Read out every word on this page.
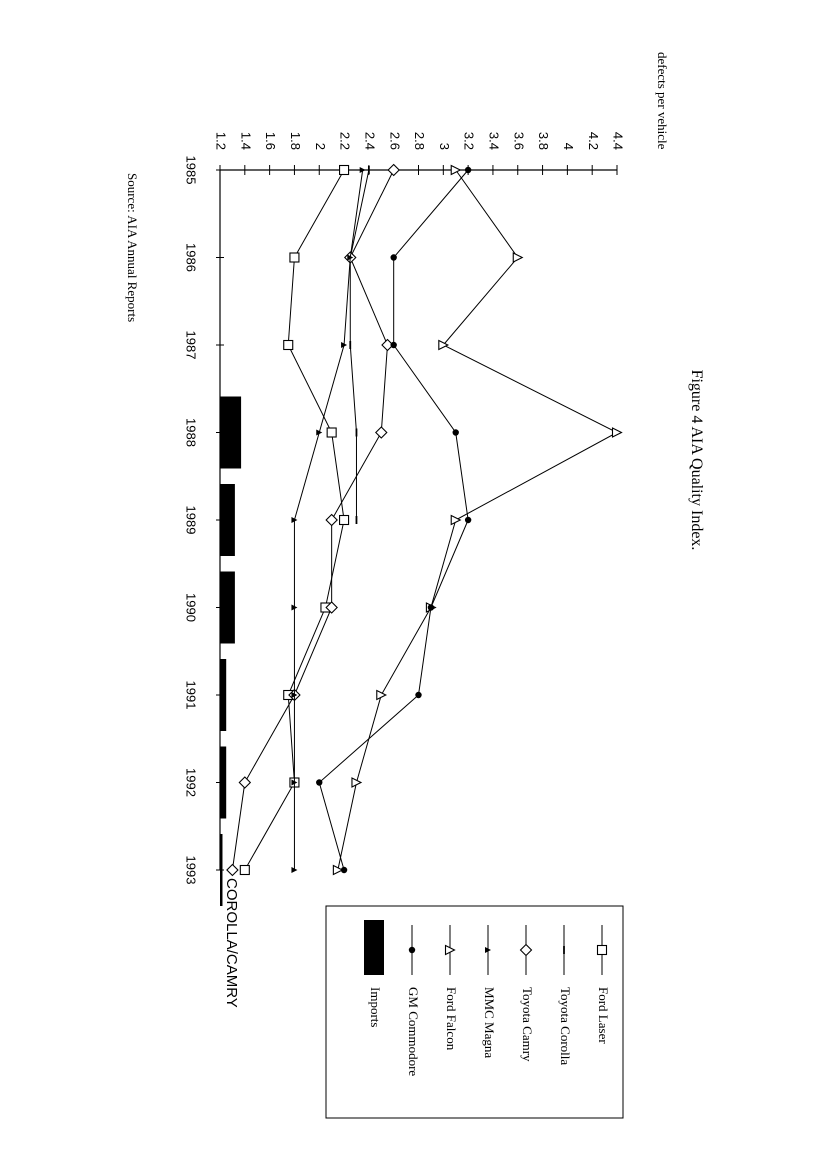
1.2 1.4 1.6 1.8 2 2.2 2.4 2.6 2.8 3 3.2 3.4 3.6 3.8 4 4.2 4.4
1985
1986
1987
1988
1989
1990
1991
1992
1993
Figure 4 AIA Quality Index.
Source: AIA Annual Reports
defects per vehicle
COROLLA/CAMRY
Ford Laser
Toyota Corolla
Toyota Camry
MMC Magna
Ford Falcon
GM Commodore
Imports
